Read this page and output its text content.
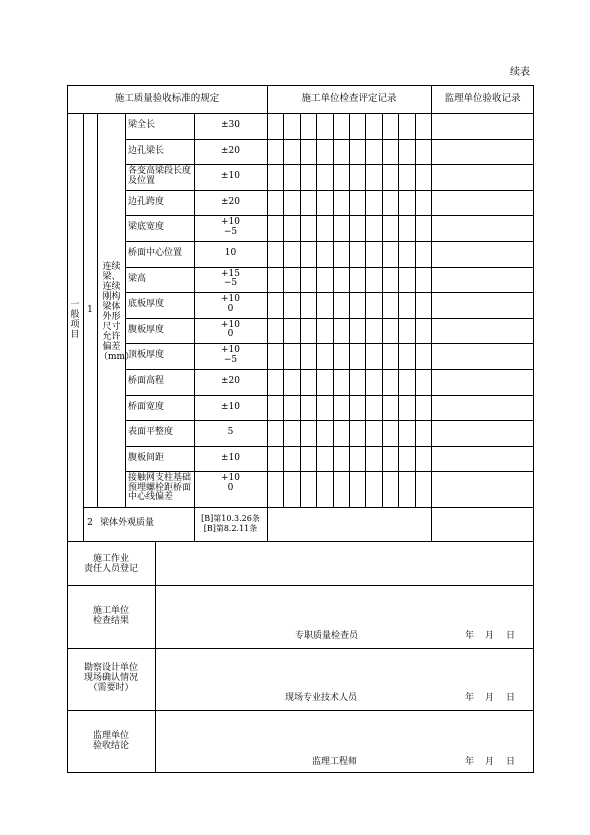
续表
施工质量验收标准的规定	施工单位检查评定记录	监理单位验收记录
一
般
项
目
1
连续梁、连续刚构梁体外形尺寸允许偏差（mm）
梁全长	±30
边孔梁长	±20
各变高梁段长度及位置	±10
边孔跨度	±20
梁底宽度	+10
−5
桥面中心位置	10
梁高	+15
−5
底板厚度	+10
0
腹板厚度	+10
0
顶板厚度	+10
−5
桥面高程	±20
桥面宽度	±10
表面平整度	5
腹板间距	±10
接触网支柱基础预埋螺栓距桥面中心线偏差
+10
0
2 梁体外观质量	[B]第10.3.26条
[B]第8.2.11条
施工作业
责任人员登记
施工单位
检查结果
专职质量检查员	年 月 日
勘察设计单位
现场确认情况
（需要时）
现场专业技术人员	年 月 日
监理单位
验收结论
监理工程师	年 月 日
